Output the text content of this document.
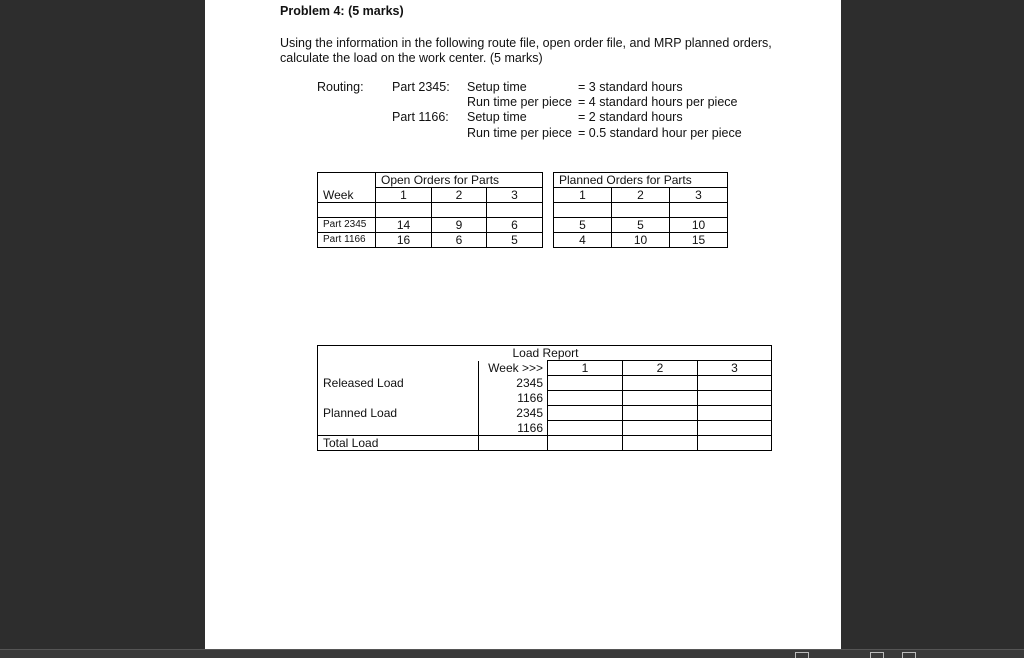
Problem 4: (5 marks)
Using the information in the following route file, open order file, and MRP planned orders,
calculate the load on the work center. (5 marks)
Routing: Part 2345: Setup time	= 3 standard hours
Run time per piece = 4 standard hours per piece
Part 1166: Setup time	= 2 standard hours
Run time per piece = 0.5 standard hour per piece
	Open Orders for Parts				Planned Orders for Parts		
Week	1	2	3		1	2	3

Part 2345	14	9	6		5	5	10
Part 1166	16	6	5		4	10	15
Load Report				
	Week >>>	1	2	3
Released Load	2345			
	1166			
Planned Load	2345			
	1166			
Total Load				
